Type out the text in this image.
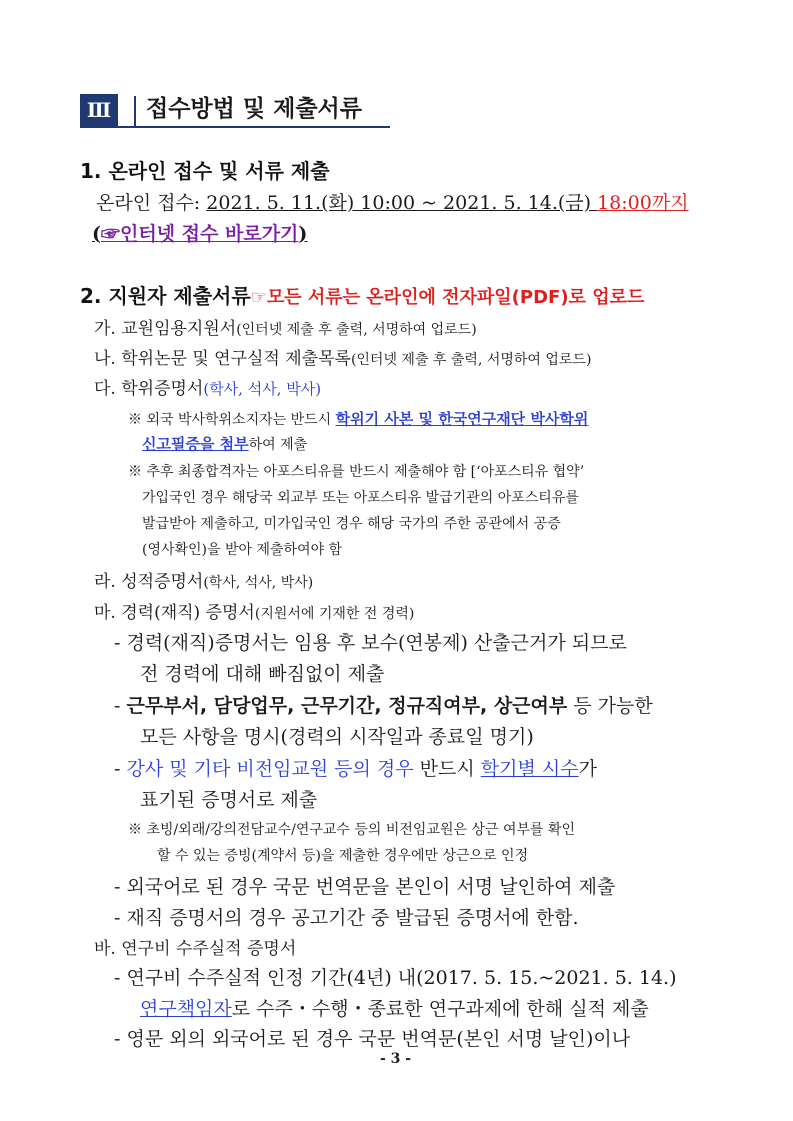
Ⅲ	접수방법 및 제출서류
1. 온라인 접수 및 서류 제출
온라인 접수: 2021. 5. 11.(화) 10:00 ~ 2021. 5. 14.(금) 18:00까지
(☞인터넷 접수 바로가기)
2. 지원자 제출서류☞모든 서류는 온라인에 전자파일(PDF)로 업로드
가. 교원임용지원서(인터넷 제출 후 출력, 서명하여 업로드)
나. 학위논문 및 연구실적 제출목록(인터넷 제출 후 출력, 서명하여 업로드)
다. 학위증명서(학사, 석사, 박사)
※ 외국 박사학위소지자는 반드시 학위기 사본 및 한국연구재단 박사학위
신고필증을 첨부하여 제출
※ 추후 최종합격자는 아포스티유를 반드시 제출해야 함 [‘아포스티유 협약’
가입국인 경우 해당국 외교부 또는 아포스티유 발급기관의 아포스티유를
발급받아 제출하고, 미가입국인 경우 해당 국가의 주한 공관에서 공증
(영사확인)을 받아 제출하여야 함
라. 성적증명서(학사, 석사, 박사)
마. 경력(재직) 증명서(지원서에 기재한 전 경력)
- 경력(재직)증명서는 임용 후 보수(연봉제) 산출근거가 되므로
전 경력에 대해 빠짐없이 제출
- 근무부서, 담당업무, 근무기간, 정규직여부, 상근여부 등 가능한
모든 사항을 명시(경력의 시작일과 종료일 명기)
- 강사 및 기타 비전임교원 등의 경우 반드시 학기별 시수가
표기된 증명서로 제출
※ 초빙/외래/강의전담교수/연구교수 등의 비전임교원은 상근 여부를 확인
할 수 있는 증빙(계약서 등)을 제출한 경우에만 상근으로 인정
- 외국어로 된 경우 국문 번역문을 본인이 서명 날인하여 제출
- 재직 증명서의 경우 공고기간 중 발급된 증명서에 한함.
바. 연구비 수주실적 증명서
- 연구비 수주실적 인정 기간(4년) 내(2017. 5. 15.~2021. 5. 14.)
연구책임자로 수주・수행・종료한 연구과제에 한해 실적 제출
- 영문 외의 외국어로 된 경우 국문 번역문(본인 서명 날인)이나
- 3 -
